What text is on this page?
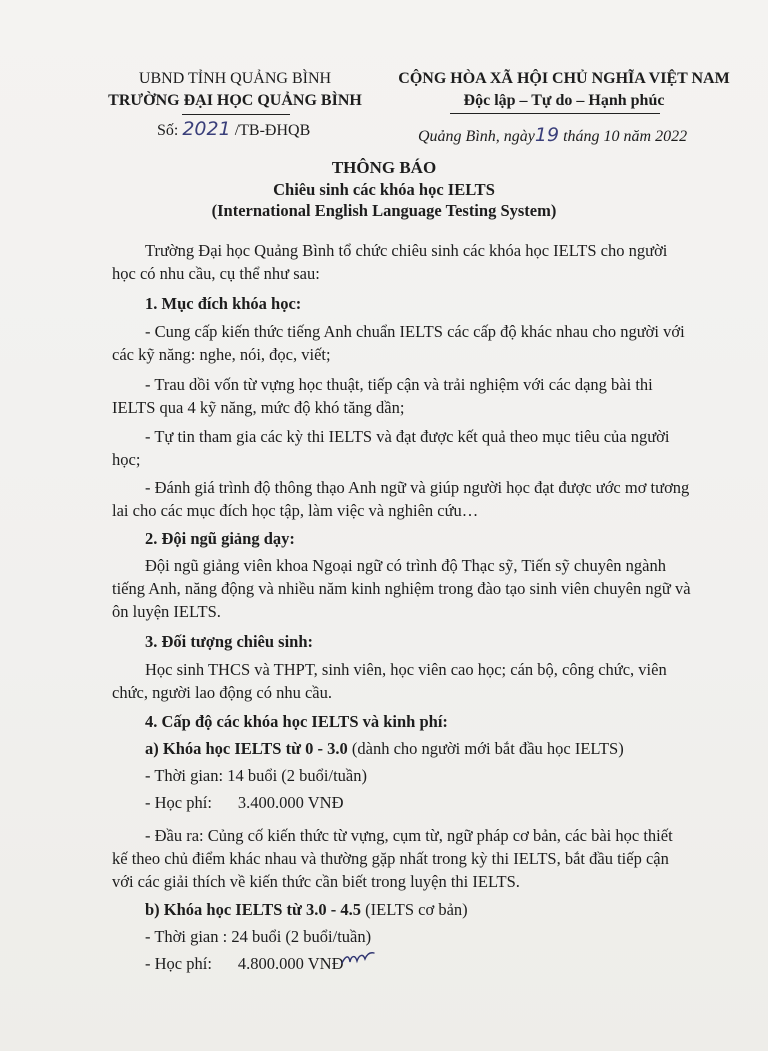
UBND TỈNH QUẢNG BÌNH
TRƯỜNG ĐẠI HỌC QUẢNG BÌNH
Số: 2021 /TB-ĐHQB
CỘNG HÒA XÃ HỘI CHỦ NGHĨA VIỆT NAM
Độc lập – Tự do – Hạnh phúc
Quảng Bình, ngày19 tháng 10 năm 2022
THÔNG BÁO
Chiêu sinh các khóa học IELTS
(International English Language Testing System)
Trường Đại học Quảng Bình tổ chức chiêu sinh các khóa học IELTS cho người
học có nhu cầu, cụ thể như sau:
1. Mục đích khóa học:
- Cung cấp kiến thức tiếng Anh chuẩn IELTS các cấp độ khác nhau cho người với
các kỹ năng: nghe, nói, đọc, viết;
- Trau dồi vốn từ vựng học thuật, tiếp cận và trải nghiệm với các dạng bài thi
IELTS qua 4 kỹ năng, mức độ khó tăng dần;
- Tự tin tham gia các kỳ thi IELTS và đạt được kết quả theo mục tiêu của người
học;
- Đánh giá trình độ thông thạo Anh ngữ và giúp người học đạt được ước mơ tương
lai cho các mục đích học tập, làm việc và nghiên cứu…
2. Đội ngũ giảng dạy:
Đội ngũ giảng viên khoa Ngoại ngữ có trình độ Thạc sỹ, Tiến sỹ chuyên ngành
tiếng Anh, năng động và nhiều năm kinh nghiệm trong đào tạo sinh viên chuyên ngữ và
ôn luyện IELTS.
3. Đối tượng chiêu sinh:
Học sinh THCS và THPT, sinh viên, học viên cao học; cán bộ, công chức, viên
chức, người lao động có nhu cầu.
4. Cấp độ các khóa học IELTS và kinh phí:
a) Khóa học IELTS từ 0 - 3.0 (dành cho người mới bắt đầu học IELTS)
- Thời gian: 14 buổi (2 buổi/tuần)
- Học phí: 3.400.000 VNĐ
- Đầu ra: Củng cố kiến thức từ vựng, cụm từ, ngữ pháp cơ bản, các bài học thiết
kế theo chủ điểm khác nhau và thường gặp nhất trong kỳ thi IELTS, bắt đầu tiếp cận
với các giải thích về kiến thức cần biết trong luyện thi IELTS.
b) Khóa học IELTS từ 3.0 - 4.5 (IELTS cơ bản)
- Thời gian : 24 buổi (2 buổi/tuần)
- Học phí: 4.800.000 VNĐ
